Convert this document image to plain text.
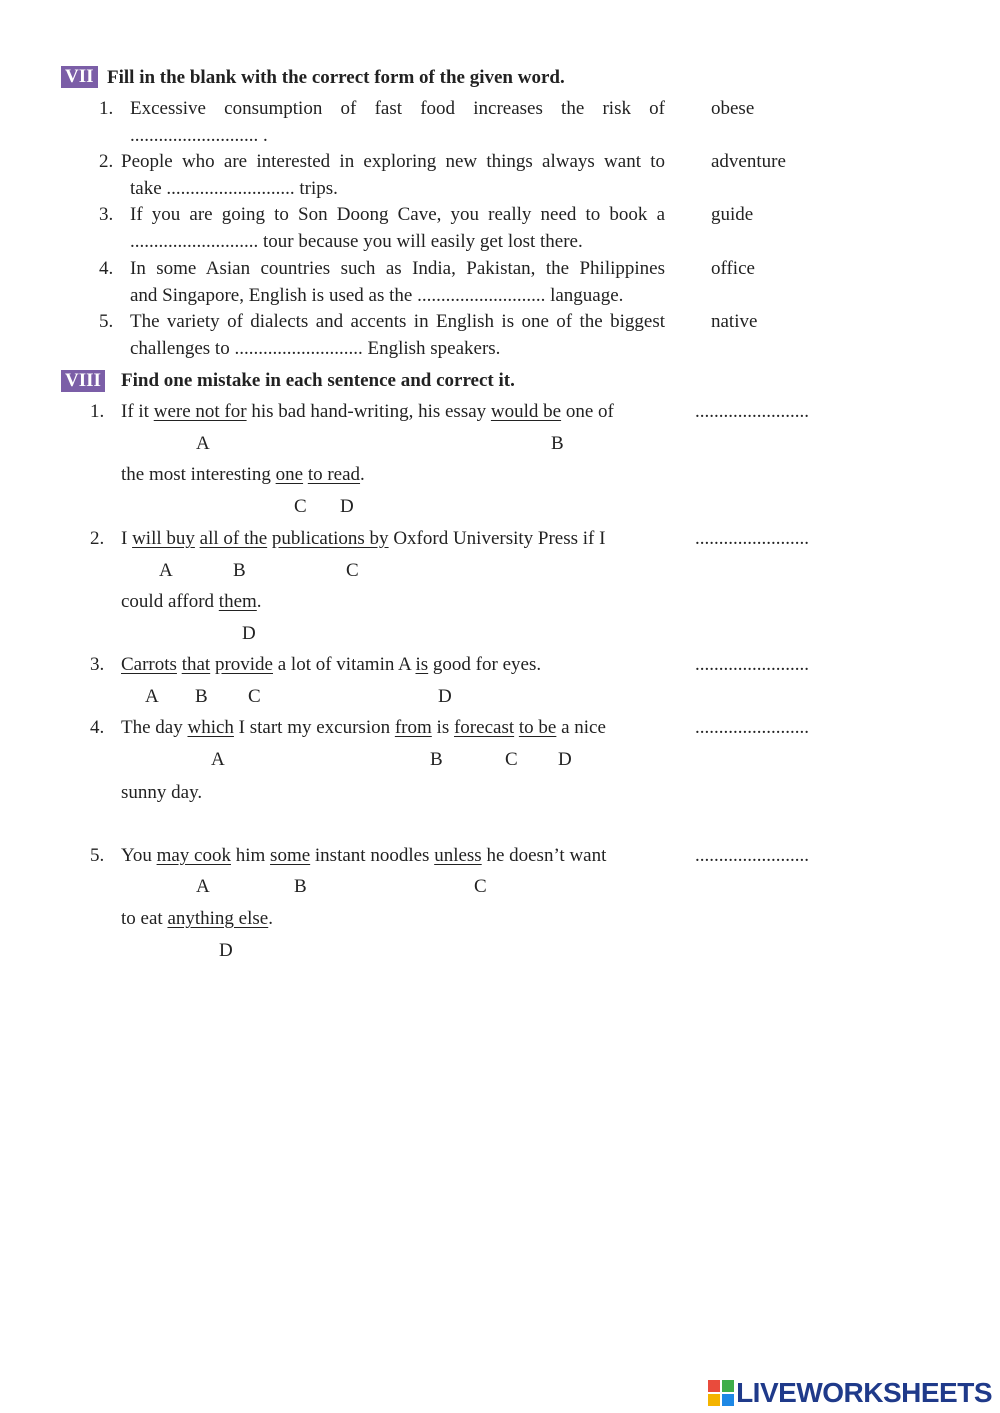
VII Fill in the blank with the correct form of the given word.
1. Excessive consumption of fast food increases the risk of
........................... .
obese
2. People who are interested in exploring new things always want to
take ........................... trips.
adventure
3. If you are going to Son Doong Cave, you really need to book a
........................... tour because you will easily get lost there.
guide
4. In some Asian countries such as India, Pakistan, the Philippines
and Singapore, English is used as the ........................... language.
office
5. The variety of dialects and accents in English is one of the biggest
challenges to ........................... English speakers.
native
VIII Find one mistake in each sentence and correct it.
1. If it were not for his bad hand-writing, his essay would be one of	........................
A	B
the most interesting one to read.
C D
2. I will buy all of the publications by Oxford University Press if I	........................
A	B	C
could afford them.
D
3. Carrots that provide a lot of vitamin A is good for eyes.	........................
A B C	D
4. The day which I start my excursion from is forecast to be a nice	........................
A	B	C D
sunny day.
5. You may cook him some instant noodles unless he doesn’t want	........................
A	B	C
to eat anything else.
D
LIVEWORKSHEETS
